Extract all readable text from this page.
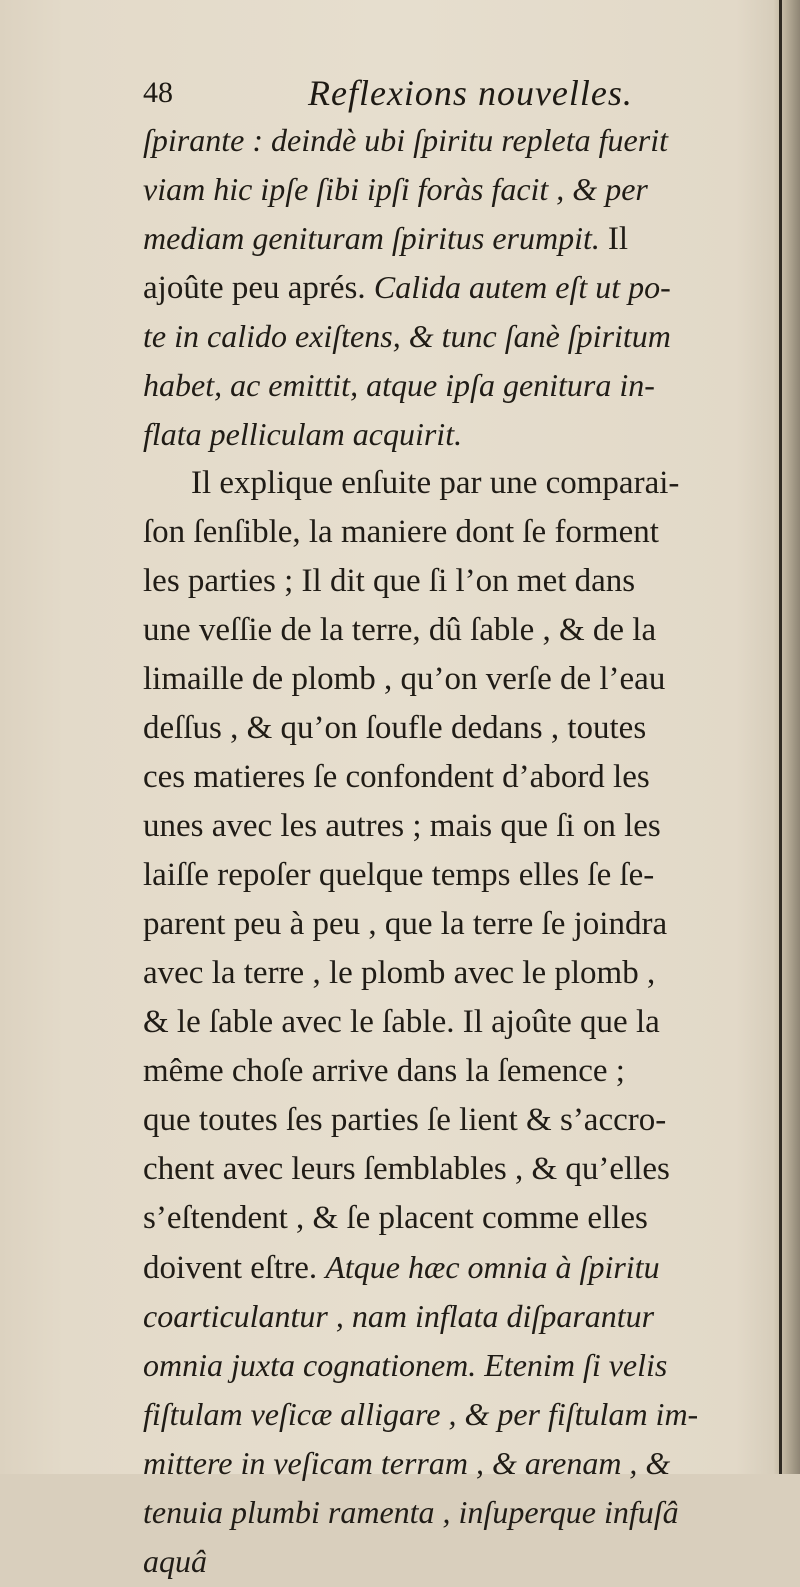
48	Reflexions nouvelles.
ſpirante : deindè ubi ſpiritu repleta fuerit
viam hic ipſe ſibi ipſi foràs facit , & per
mediam genituram ſpiritus erumpit. Il
ajoûte peu aprés. Calida autem eſt ut po-
te in calido exiſtens, & tunc ſanè ſpiritum
habet, ac emittit, atque ipſa genitura in-
flata pelliculam acquirit.
Il explique enſuite par une comparai-
ſon ſenſible, la maniere dont ſe forment
les parties ; Il dit que ſi l’on met dans
une veſſie de la terre, dû ſable , & de la
limaille de plomb , qu’on verſe de l’eau
deſſus , & qu’on ſoufle dedans , toutes
ces matieres ſe confondent d’abord les
unes avec les autres ; mais que ſi on les
laiſſe repoſer quelque temps elles ſe ſe-
parent peu à peu , que la terre ſe joindra
avec la terre , le plomb avec le plomb ,
& le ſable avec le ſable. Il ajoûte que la
même choſe arrive dans la ſemence ;
que toutes ſes parties ſe lient & s’accro-
chent avec leurs ſemblables , & qu’elles
s’eſtendent , & ſe placent comme elles
doivent eſtre. Atque hæc omnia à ſpiritu
coarticulantur , nam inflata diſparantur
omnia juxta cognationem. Etenim ſi velis
fiſtulam veſicæ alligare , & per fiſtulam im-
mittere in veſicam terram , & arenam , &
tenuia plumbi ramenta , inſuperque infuſâ
aquâ
